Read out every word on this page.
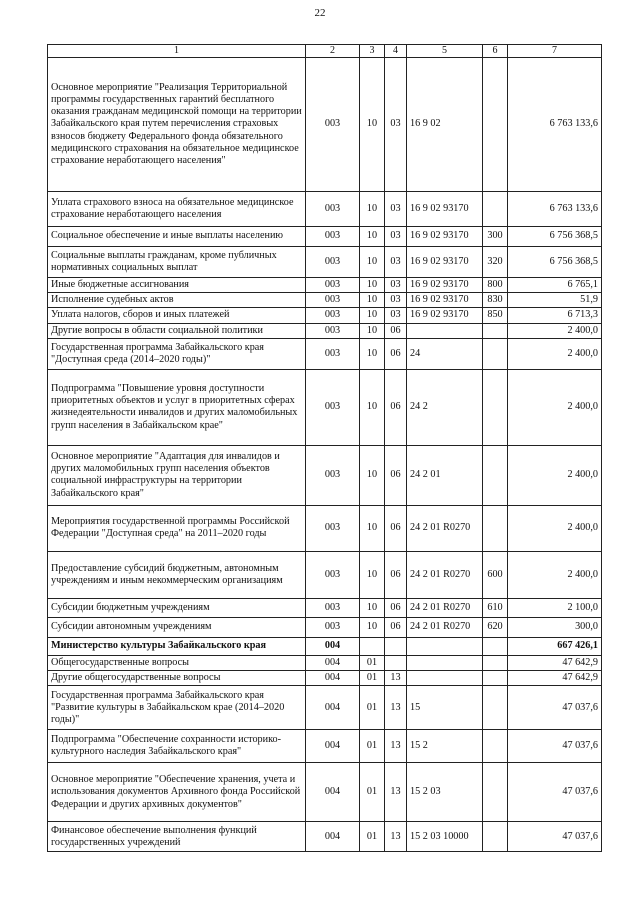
22
1	2	3	4	5	6	7
Основное мероприятие "Реализация Территориальной программы государственных гарантий бесплатного оказания гражданам медицинской помощи на территории Забайкальского края путем перечисления страховых взносов бюджету Федерального фонда обязательного медицинского страхования на обязательное медицинское страхование неработающего населения"	003	10	03	16 9 02		6 763 133,6
Уплата страхового взноса на обязательное медицинское страхование неработающего населения	003	10	03	16 9 02 93170		6 763 133,6
Социальное обеспечение и иные выплаты населению	003	10	03	16 9 02 93170	300	6 756 368,5
Социальные выплаты гражданам, кроме публичных нормативных социальных выплат	003	10	03	16 9 02 93170	320	6 756 368,5
Иные бюджетные ассигнования	003	10	03	16 9 02 93170	800	6 765,1
Исполнение судебных актов	003	10	03	16 9 02 93170	830	51,9
Уплата налогов, сборов и иных платежей	003	10	03	16 9 02 93170	850	6 713,3
Другие вопросы в области социальной политики	003	10	06			2 400,0
Государственная программа Забайкальского края "Доступная среда (2014–2020 годы)"	003	10	06	24		2 400,0
Подпрограмма "Повышение уровня доступности приоритетных объектов и услуг в приоритетных сферах жизнедеятельности инвалидов и других маломобильных групп населения в Забайкальском крае"	003	10	06	24 2		2 400,0
Основное мероприятие "Адаптация для инвалидов и других маломобильных групп населения объектов социальной инфраструктуры на территории Забайкальского края"	003	10	06	24 2 01		2 400,0
Мероприятия государственной программы Российской Федерации "Доступная среда" на 2011–2020 годы	003	10	06	24 2 01 R0270		2 400,0
Предоставление субсидий бюджетным, автономным учреждениям и иным некоммерческим организациям	003	10	06	24 2 01 R0270	600	2 400,0
Субсидии бюджетным учреждениям	003	10	06	24 2 01 R0270	610	2 100,0
Субсидии автономным учреждениям	003	10	06	24 2 01 R0270	620	300,0
Министерство культуры Забайкальского края	004					667 426,1
Общегосударственные вопросы	004	01				47 642,9
Другие общегосударственные вопросы	004	01	13			47 642,9
Государственная программа Забайкальского края "Развитие культуры в Забайкальском крае (2014–2020 годы)"	004	01	13	15		47 037,6
Подпрограмма "Обеспечение сохранности историко-культурного наследия Забайкальского края"	004	01	13	15 2		47 037,6
Основное мероприятие "Обеспечение хранения, учета и использования документов Архивного фонда Российской Федерации и других архивных документов"	004	01	13	15 2 03		47 037,6
Финансовое обеспечение выполнения функций государственных учреждений	004	01	13	15 2 03 10000		47 037,6
